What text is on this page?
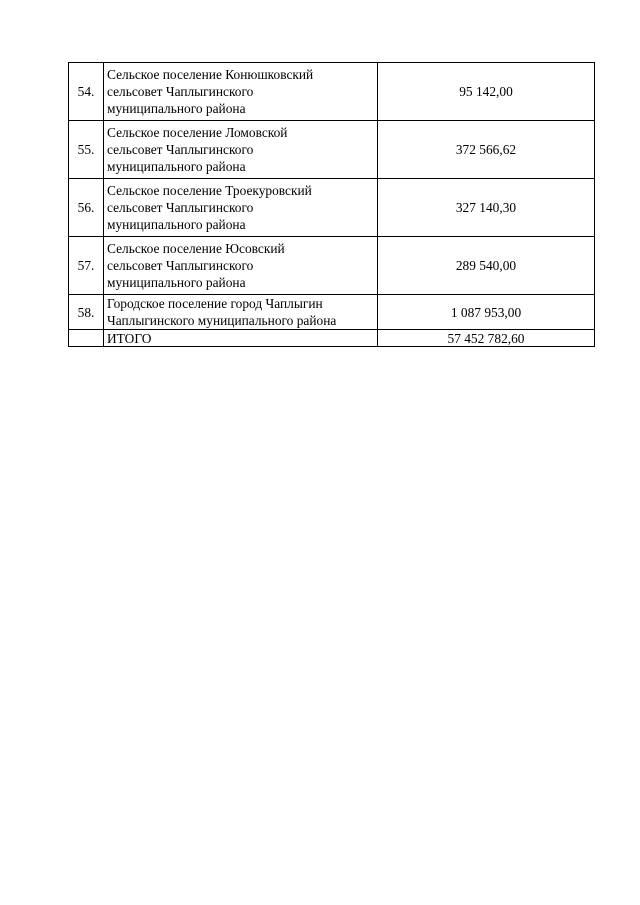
54.	Сельское поселение Конюшковский
сельсовет Чаплыгинского
муниципального района	95 142,00
55.	Сельское поселение Ломовской
сельсовет Чаплыгинского
муниципального района	372 566,62
56.	Сельское поселение Троекуровский
сельсовет Чаплыгинского
муниципального района	327 140,30
57.	Сельское поселение Юсовский
сельсовет Чаплыгинского
муниципального района	289 540,00
58.	Городское поселение город Чаплыгин
Чаплыгинского муниципального района	1 087 953,00
	ИТОГО	57 452 782,60
